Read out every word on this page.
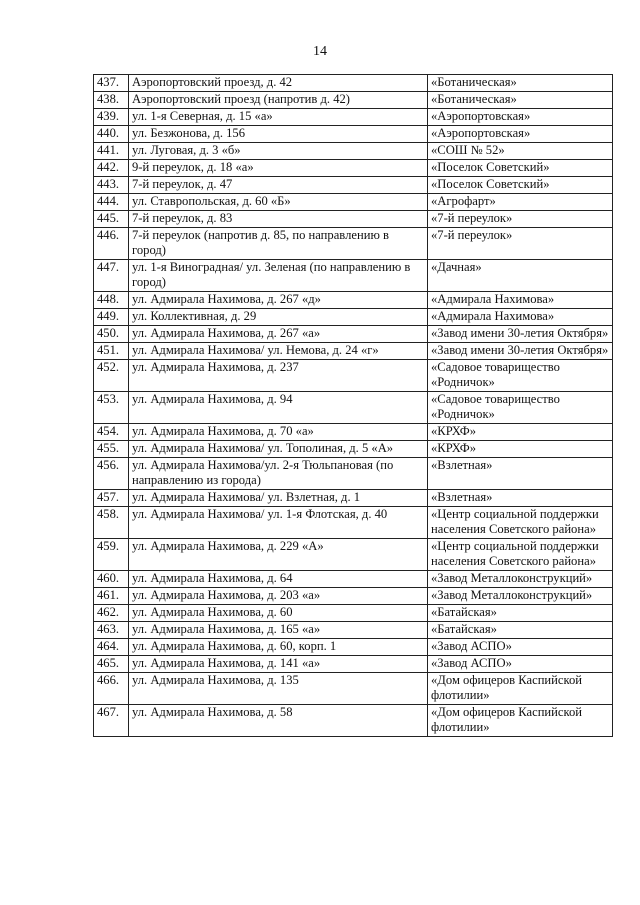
14
437.	Аэропортовский проезд, д. 42	«Ботаническая»
438.	Аэропортовский проезд (напротив д. 42)	«Ботаническая»
439.	ул. 1-я Северная, д. 15 «а»	«Аэропортовская»
440.	ул. Безжонова, д. 156	«Аэропортовская»
441.	ул. Луговая, д. 3 «б»	«СОШ № 52»
442.	9-й переулок, д. 18 «а»	«Поселок Советский»
443.	7-й переулок, д. 47	«Поселок Советский»
444.	ул. Ставропольская, д. 60 «Б»	«Агрофарт»
445.	7-й переулок, д. 83	«7-й переулок»
446.	7-й переулок (напротив д. 85, по направлению в город)	«7-й переулок»
447.	ул. 1-я Виноградная/ ул. Зеленая (по направлению в город)	«Дачная»
448.	ул. Адмирала Нахимова, д. 267 «д»	«Адмирала Нахимова»
449.	ул. Коллективная, д. 29	«Адмирала Нахимова»
450.	ул. Адмирала Нахимова, д. 267 «а»	«Завод имени 30-летия Октября»
451.	ул. Адмирала Нахимова/ ул. Немова, д. 24 «г»	«Завод имени 30-летия Октября»
452.	ул. Адмирала Нахимова, д. 237	«Садовое товарищество «Родничок»
453.	ул. Адмирала Нахимова, д. 94	«Садовое товарищество «Родничок»
454.	ул. Адмирала Нахимова, д. 70 «а»	«КРХФ»
455.	ул. Адмирала Нахимова/ ул. Тополиная, д. 5 «А»	«КРХФ»
456.	ул. Адмирала Нахимова/ул. 2-я Тюльпановая (по направлению из города)	«Взлетная»
457.	ул. Адмирала Нахимова/ ул. Взлетная, д. 1	«Взлетная»
458.	ул. Адмирала Нахимова/ ул. 1-я Флотская, д. 40	«Центр социальной поддержки населения Советского района»
459.	ул. Адмирала Нахимова, д. 229 «А»	«Центр социальной поддержки населения Советского района»
460.	ул. Адмирала Нахимова, д. 64	«Завод Металлоконструкций»
461.	ул. Адмирала Нахимова, д. 203 «а»	«Завод Металлоконструкций»
462.	ул. Адмирала Нахимова, д. 60	«Батайская»
463.	ул. Адмирала Нахимова, д. 165 «а»	«Батайская»
464.	ул. Адмирала Нахимова, д. 60, корп. 1	«Завод АСПО»
465.	ул. Адмирала Нахимова, д. 141 «а»	«Завод АСПО»
466.	ул. Адмирала Нахимова, д. 135	«Дом офицеров Каспийской флотилии»
467.	ул. Адмирала Нахимова, д. 58	«Дом офицеров Каспийской флотилии»
